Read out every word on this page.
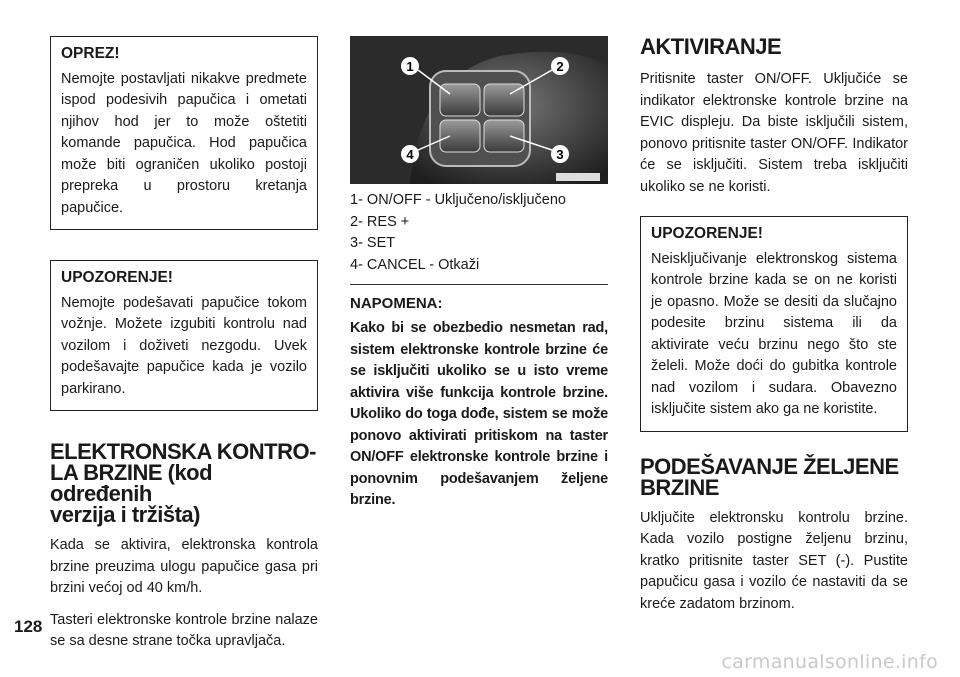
OPREZ!

Nemojte postavljati nikakve predmete ispod podesivih papučica i ometati njihov hod jer to može oštetiti komande papučica. Hod papučica može biti ograničen ukoliko postoji prepreka u prostoru kretanja papučice.

UPOZORENJE!

Nemojte podešavati papučice tokom vožnje. Možete izgubiti kontrolu nad vozilom i doživeti nezgodu. Uvek podešavajte papučice kada je vozilo parkirano.

ELEKTRONSKA KONTRO-
LA BRZINE (kod određenih
verzija i tržišta)

Kada se aktivira, elektronska kontrola brzine preuzima ulogu papučice gasa pri brzini većoj od 40 km/h.

Tasteri elektronske kontrole brzine nalaze se sa desne strane točka upravljača.

1	2
3
4
1- ON/OFF - Uključeno/isključeno
2- RES +
3- SET
4- CANCEL - Otkaži
NAPOMENA:

Kako bi se obezbedio nesmetan rad, sistem elektronske kontrole brzine će se isključiti ukoliko se u isto vreme aktivira više funkcija kontrole brzine. Ukoliko do toga dođe, sistem se može ponovo aktivirati pritiskom na taster ON/OFF elektronske kontrole brzine i ponovnim podešavanjem željene brzine.

AKTIVIRANJE

Pritisnite taster ON/OFF. Uključiće se indikator elektronske kontrole brzine na EVIC displeju. Da biste isključili sistem, ponovo pritisnite taster ON/OFF. Indikator će se isključiti. Sistem treba isključiti ukoliko se ne koristi.

UPOZORENJE!

Neisključivanje elektronskog sistema kontrole brzine kada se on ne koristi je opasno. Može se desiti da slučajno podesite brzinu sistema ili da aktivirate veću brzinu nego što ste želeli. Može doći do gubitka kontrole nad vozilom i sudara. Obavezno isključite sistem ako ga ne koristite.

PODEŠAVANJE ŽELJENE
BRZINE

Uključite elektronsku kontrolu brzine. Kada vozilo postigne željenu brzinu, kratko pritisnite taster SET (-). Pustite papučicu gasa i vozilo će nastaviti da se kreće zadatom brzinom.

128
carmanualsonline.info
